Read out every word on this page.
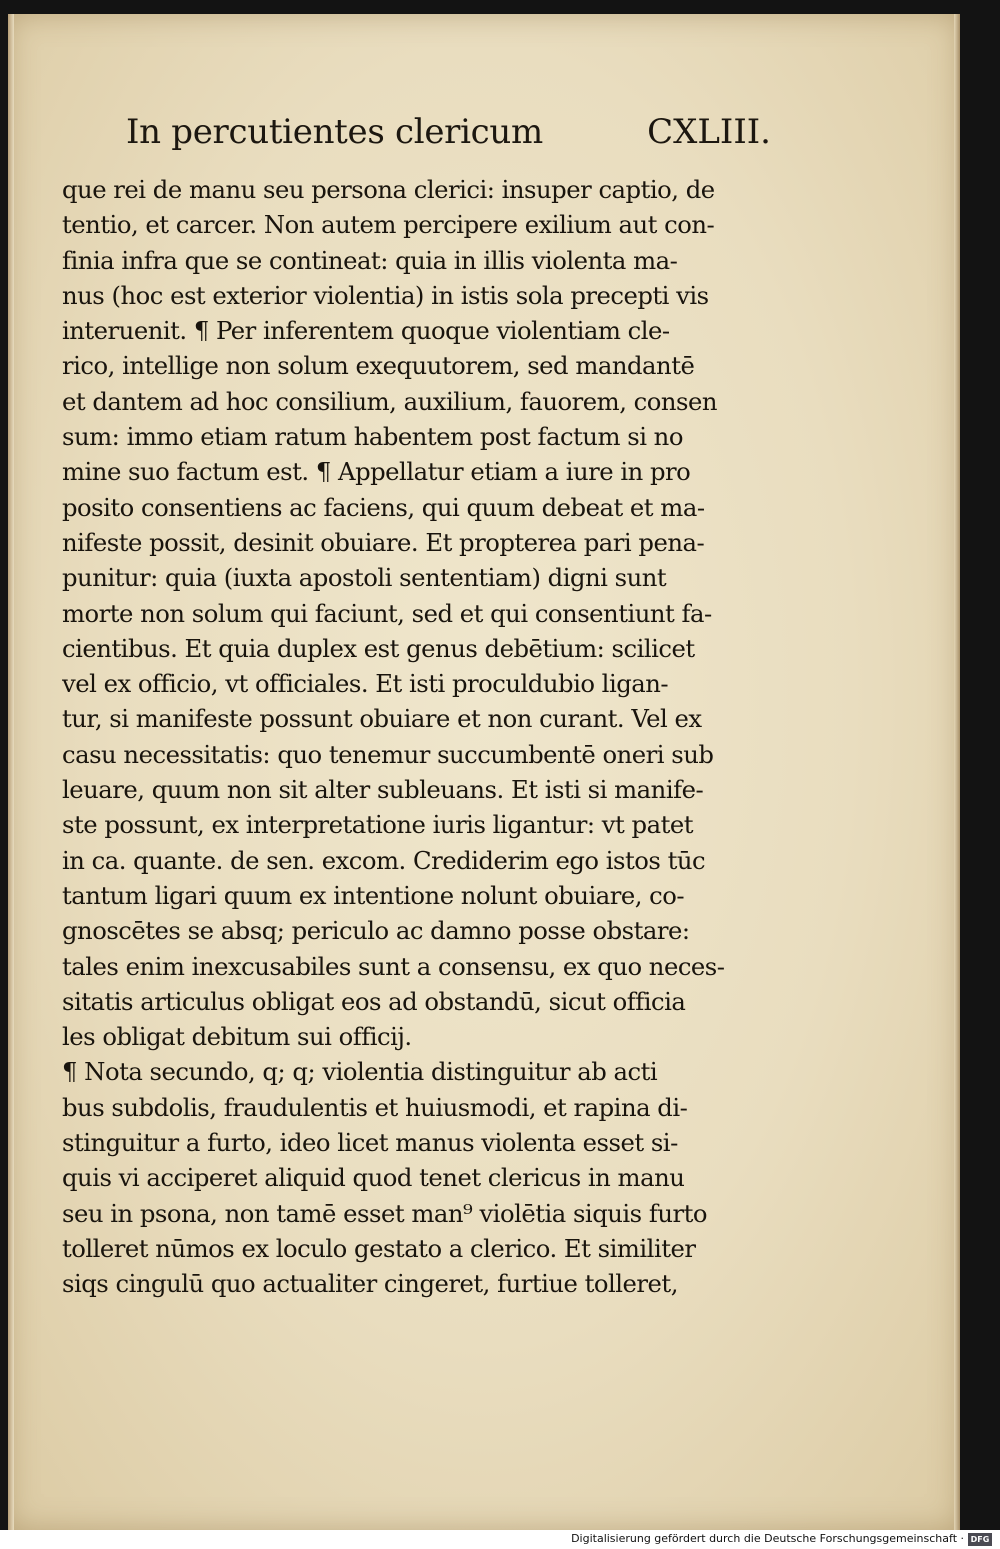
In percutientes clericum	CXLIII.
que rei de manu seu persona clerici: insuper captio, de
tentio, et carcer. Non autem percipere exilium aut con-
finia infra que se contineat: quia in illis violenta ma-
nus (hoc est exterior violentia) in istis sola precepti vis
interuenit. ¶ Per inferentem quoque violentiam cle-
rico, intellige non solum exequutorem, sed mandantē
et dantem ad hoc consilium, auxilium, fauorem, consen
sum: immo etiam ratum habentem post factum si no
mine suo factum est. ¶ Appellatur etiam a iure in pro
posito consentiens ac faciens, qui quum debeat et ma-
nifeste possit, desinit obuiare. Et propterea pari pena-
punitur: quia (iuxta apostoli sententiam) digni sunt
morte non solum qui faciunt, sed et qui consentiunt fa-
cientibus. Et quia duplex est genus debētium: scilicet
vel ex officio, vt officiales. Et isti proculdubio ligan-
tur, si manifeste possunt obuiare et non curant. Vel ex
casu necessitatis: quo tenemur succumbentē oneri sub
leuare, quum non sit alter subleuans. Et isti si manife-
ste possunt, ex interpretatione iuris ligantur: vt patet
in ca. quante. de sen. excom. Crediderim ego istos tūc
tantum ligari quum ex intentione nolunt obuiare, co-
gnoscētes se absq; periculo ac damno posse obstare:
tales enim inexcusabiles sunt a consensu, ex quo neces-
sitatis articulus obligat eos ad obstandū, sicut officia
les obligat debitum sui officij.
¶ Nota secundo, q; q; violentia distinguitur ab acti
bus subdolis, fraudulentis et huiusmodi, et rapina di-
stinguitur a furto, ideo licet manus violenta esset si-
quis vi acciperet aliquid quod tenet clericus in manu
seu in psona, non tamē esset man⁹ violētia siquis furto
tolleret nūmos ex loculo gestato a clerico. Et similiter
siqs cingulū quo actualiter cingeret, furtiue tolleret,
Digitalisierung gefördert durch die Deutsche Forschungsgemeinschaft · DFG
